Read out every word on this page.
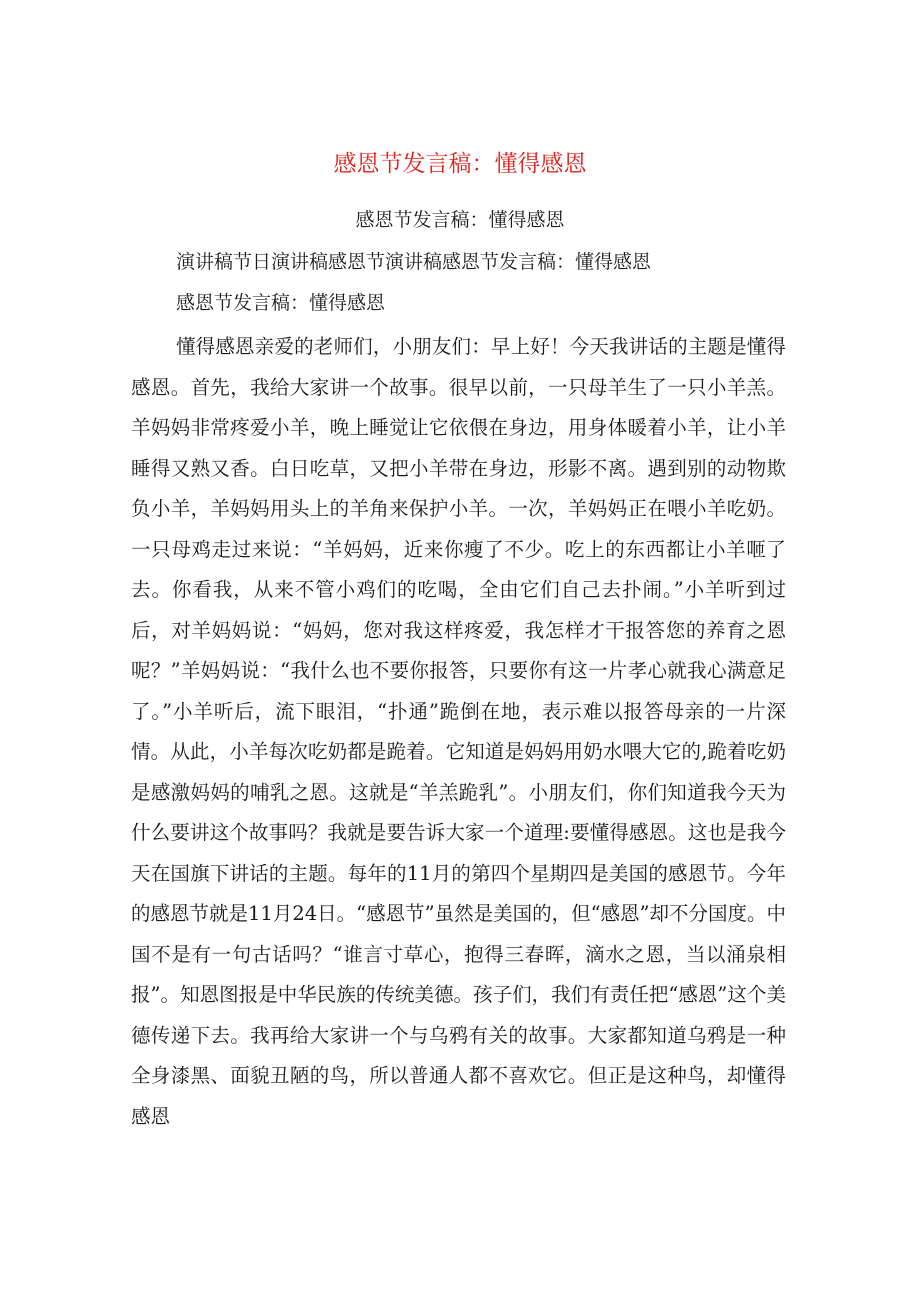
感恩节发言稿：懂得感恩
感恩节发言稿：懂得感恩
演讲稿节日演讲稿感恩节演讲稿感恩节发言稿：懂得感恩
感恩节发言稿：懂得感恩

懂得感恩亲爱的老师们，小朋友们：早上好！今天我讲话的主题是懂得感恩。首先，我给大家讲一个故事。很早以前，一只母羊生了一只小羊羔。羊妈妈非常疼爱小羊，晚上睡觉让它依偎在身边，用身体暖着小羊，让小羊睡得又熟又香。白日吃草，又把小羊带在身边，形影不离。遇到别的动物欺负小羊，羊妈妈用头上的羊角来保护小羊。一次，羊妈妈正在喂小羊吃奶。一只母鸡走过来说：“羊妈妈，近来你瘦了不少。吃上的东西都让小羊咂了去。你看我，从来不管小鸡们的吃喝，全由它们自己去扑闹。”小羊听到过后，对羊妈妈说：“妈妈，您对我这样疼爱，我怎样才干报答您的养育之恩呢？”羊妈妈说：“我什么也不要你报答，只要你有这一片孝心就我心满意足了。”小羊听后，流下眼泪，“扑通”跪倒在地，表示难以报答母亲的一片深情。从此，小羊每次吃奶都是跪着。它知道是妈妈用奶水喂大它的,跪着吃奶是感激妈妈的哺乳之恩。这就是“羊羔跪乳”。小朋友们，你们知道我今天为什么要讲这个故事吗？我就是要告诉大家一个道理:要懂得感恩。这也是我今天在国旗下讲话的主题。每年的11月的第四个星期四是美国的感恩节。今年的感恩节就是11月24日。“感恩节”虽然是美国的，但“感恩”却不分国度。中国不是有一句古话吗？“谁言寸草心，抱得三春晖，滴水之恩，当以涌泉相报”。知恩图报是中华民族的传统美德。孩子们，我们有责任把“感恩”这个美德传递下去。我再给大家讲一个与乌鸦有关的故事。大家都知道乌鸦是一种全身漆黑、面貌丑陋的鸟，所以普通人都不喜欢它。但正是这种鸟，却懂得感恩
